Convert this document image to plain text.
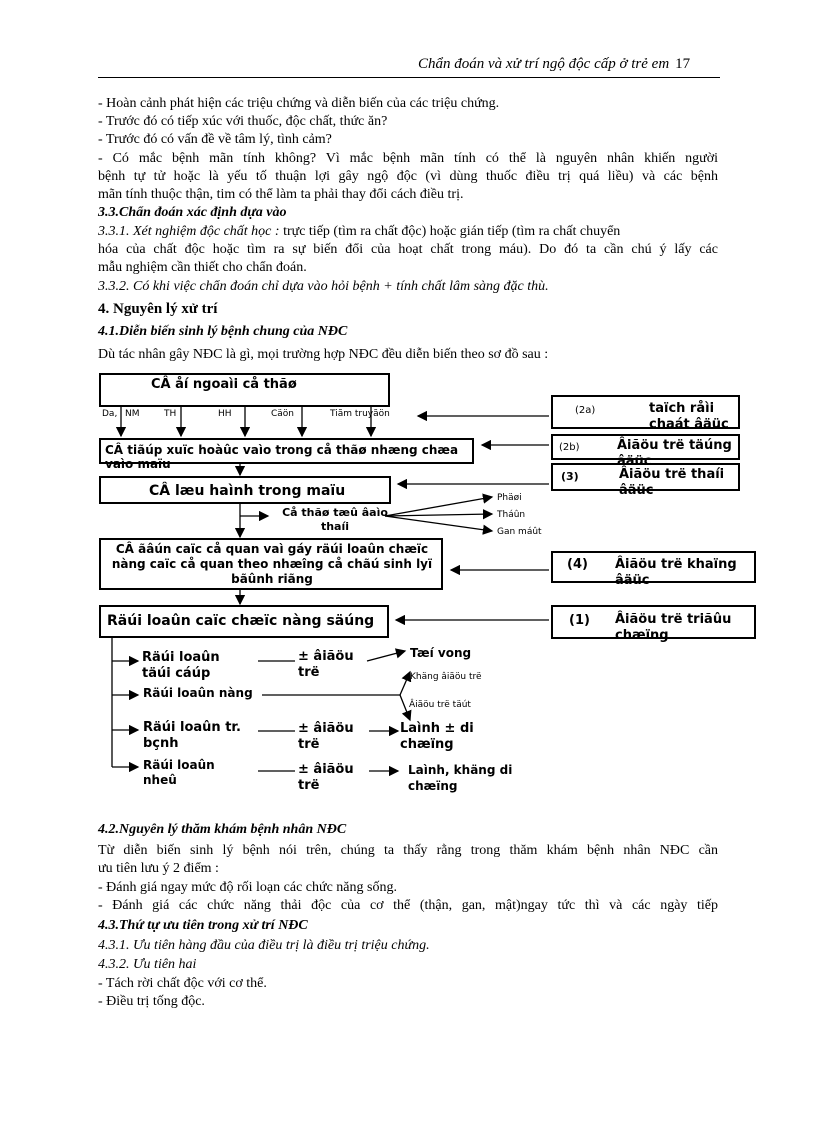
Chẩn đoán và xử trí ngộ độc cấp ở trẻ em 17
- Hoàn cảnh phát hiện các triệu chứng và diễn biến của các triệu chứng.
- Trước đó có tiếp xúc với thuốc, độc chất, thức ăn?
- Trước đó có vấn đề về tâm lý, tình cảm?
- Có mắc bệnh mãn tính không? Vì mắc bệnh mãn tính có thể là nguyên nhân khiến người
bệnh tự tử hoặc là yếu tố thuận lợi gây ngộ độc (vì dùng thuốc điều trị quá liều) và các bệnh
mãn tính thuộc thận, tim có thể làm ta phải thay đổi cách điều trị.
3.3.Chẩn đoán xác định dựa vào
3.3.1. Xét nghiệm độc chất học : trực tiếp (tìm ra chất độc) hoặc gián tiếp (tìm ra chất chuyển
hóa của chất độc hoặc tìm ra sự biến đổi của hoạt chất trong máu). Do đó ta cần chú ý lấy các
mẫu nghiệm cần thiết cho chẩn đoán.
3.3.2. Có khi việc chẩn đoán chỉ dựa vào hỏi bệnh + tính chất lâm sàng đặc thù.
4. Nguyên lý xử trí
4.1.Diễn biến sinh lý bệnh chung của NĐC
Dù tác nhân gây NĐC là gì, mọi trường hợp NĐC đều diễn biến theo sơ đồ sau :
CÂ åí ngoaìi cå thãø
Da, NM	TH	HH	Cäön	Tiãm truyãön
CÂ tiãúp xuïc hoàûc vaìo trong cå thãø nhæng chæa vaìo maïu
CÂ læu haình trong maïu
Cå thãø tæû âaìo thaíi
Phäøi
Tháûn
Gan máût
CÂ ãâún caïc cå quan vaì gáy räúi loaûn chæïc nàng caïc cå quan theo nhæîng cå chãú sinh lyï bãûnh riãng
Räúi loaûn caïc chæïc nàng säúng
(2a)	taïch råìi chaát âäüc
(2b)	Âiãöu trë täúng âäüc
(3)	Âiãöu trë thaíi âäüc
(4) Âiãöu trë khaïng âäüc
(1) Âiãöu trë triãûu chæïng
Räúi loaûn täúi cáúp
± âiãöu trë
Tæí vong
Khäng âiãöu trë
Räúi loaûn nàng
Âiãöu trë täút
Räúi loaûn tr. bçnh
± âiãöu trë
Laình ± di chæïng
Räúi loaûn nheû
± âiãöu trë
Laình, khäng di chæïng
4.2.Nguyên lý thăm khám bệnh nhân NĐC
Từ diễn biến sinh lý bệnh nói trên, chúng ta thấy rằng trong thăm khám bệnh nhân NĐC cần
ưu tiên lưu ý 2 điểm :
- Đánh giá ngay mức độ rối loạn các chức năng sống.
- Đánh giá các chức năng thải độc của cơ thể (thận, gan, mật)ngay tức thì và các ngày tiếp
4.3.Thứ tự ưu tiên trong xử trí NĐC
4.3.1. Ưu tiên hàng đầu của điều trị là điều trị triệu chứng.
4.3.2. Ưu tiên hai
- Tách rời chất độc với cơ thể.
- Điều trị tống độc.
